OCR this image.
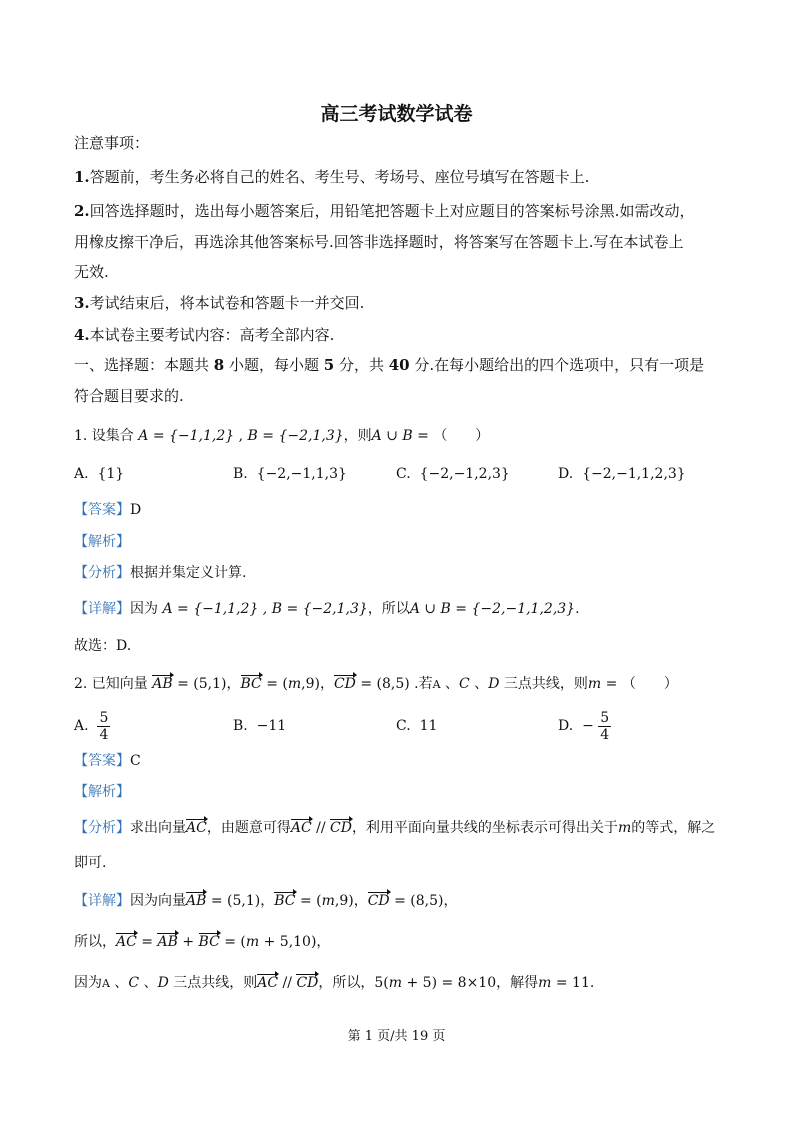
高三考试数学试卷
注意事项：
1.答题前，考生务必将自己的姓名、考生号、考场号、座位号填写在答题卡上.
2.回答选择题时，选出每小题答案后，用铅笔把答题卡上对应题目的答案标号涂黑.如需改动，
用橡皮擦干净后，再选涂其他答案标号.回答非选择题时，将答案写在答题卡上.写在本试卷上
无效.
3.考试结束后，将本试卷和答题卡一并交回.
4.本试卷主要考试内容：高考全部内容.
一、选择题：本题共 8 小题，每小题 5 分，共 40 分.在每小题给出的四个选项中，只有一项是
符合题目要求的.
1. 设集合 A = {−1,1,2} , B = {−2,1,3}，则A ∪ B = （　　）
A. {1}	B. {−2,−1,1,3}	C. {−2,−1,2,3}	D. {−2,−1,1,2,3}
【答案】D
【解析】
【分析】根据并集定义计算.
【详解】因为 A = {−1,1,2} , B = {−2,1,3}，所以A ∪ B = {−2,−1,1,2,3}.
故选：D.
2. 已知向量 AB = (5,1)，BC = (m,9)，CD = (8,5) .若A 、C 、D 三点共线，则m = （　　）
A. $\frac{5}{4}$	B. −11	C. 11	D. − $\frac{5}{4}$
【答案】C
【解析】
【分析】求出向量AC，由题意可得AC // CD，利用平面向量共线的坐标表示可得出关于m的等式，解之
即可.
【详解】因为向量AB = (5,1)，BC = (m,9)，CD = (8,5)，
所以，AC = AB + BC = (m + 5,10)，
因为A 、C 、D 三点共线，则AC // CD，所以，5(m + 5) = 8×10，解得m = 11.
第 1 页/共 19 页
